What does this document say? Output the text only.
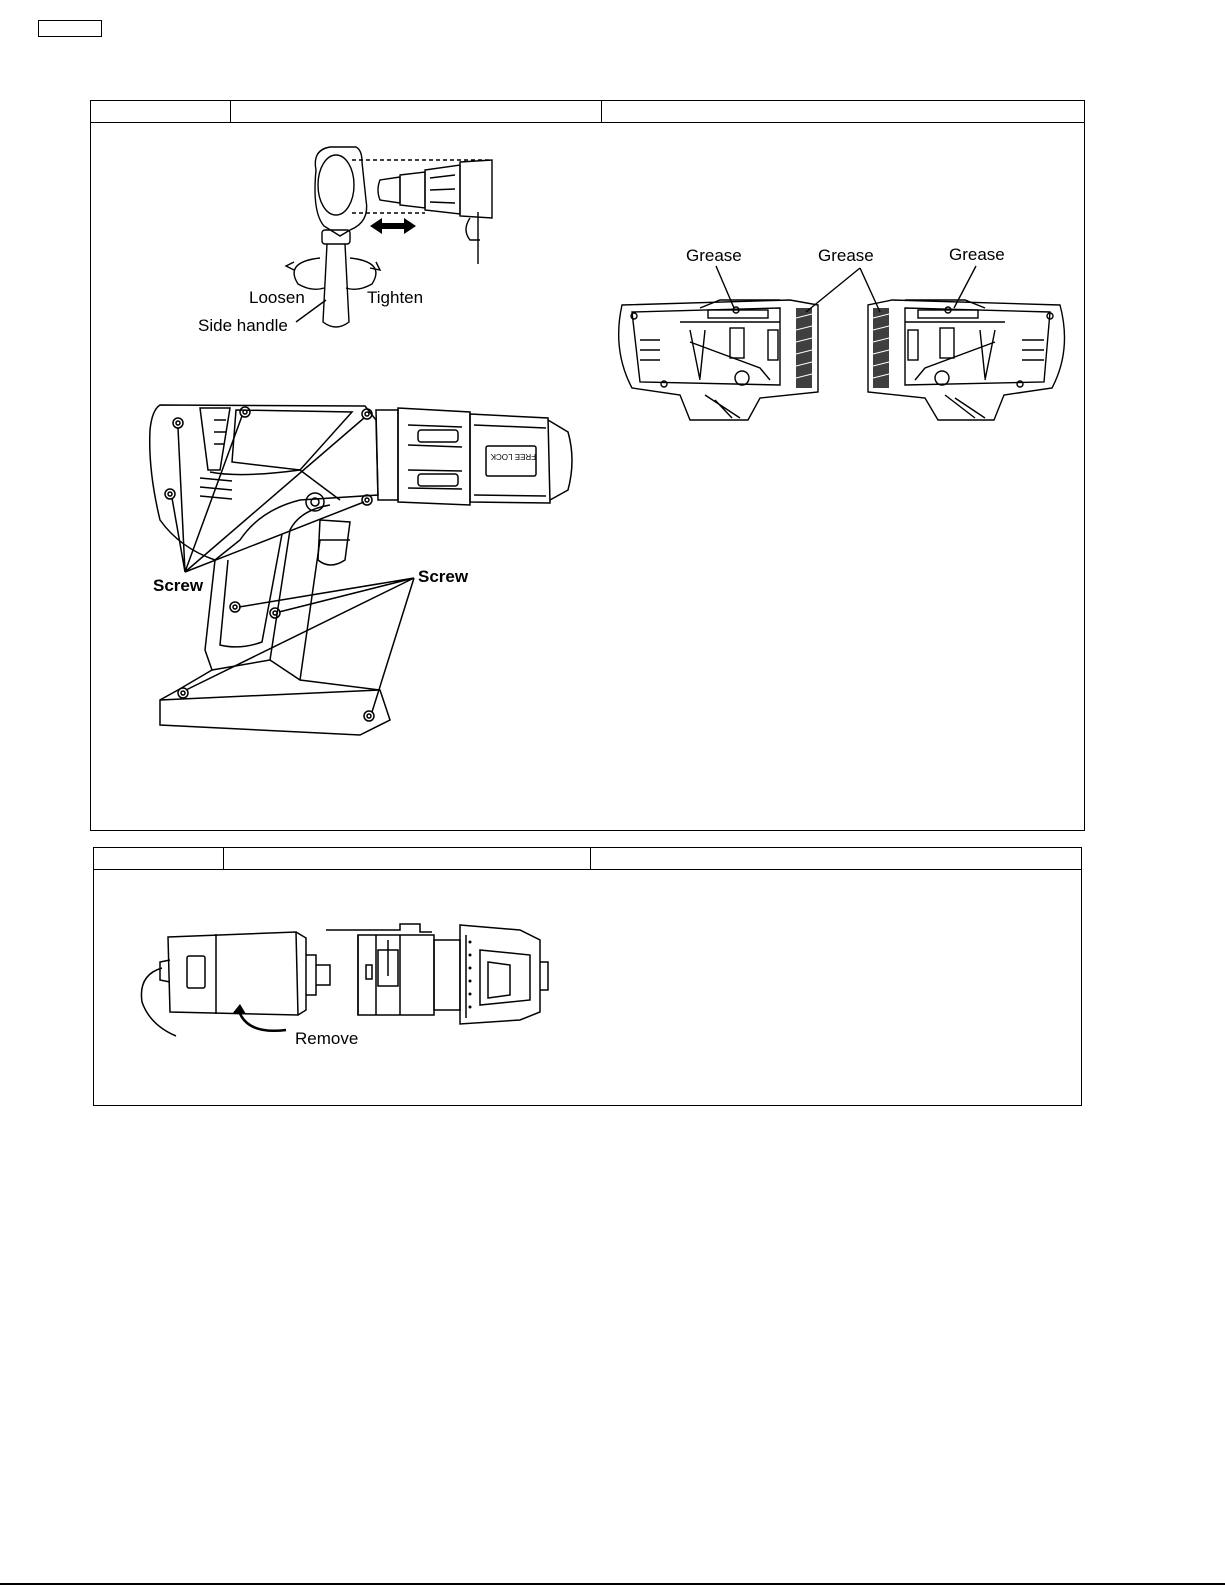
Loosen	Tighten
Side handle
Screw	Screw
FREE LOCK
Grease	Grease	Grease
Remove
